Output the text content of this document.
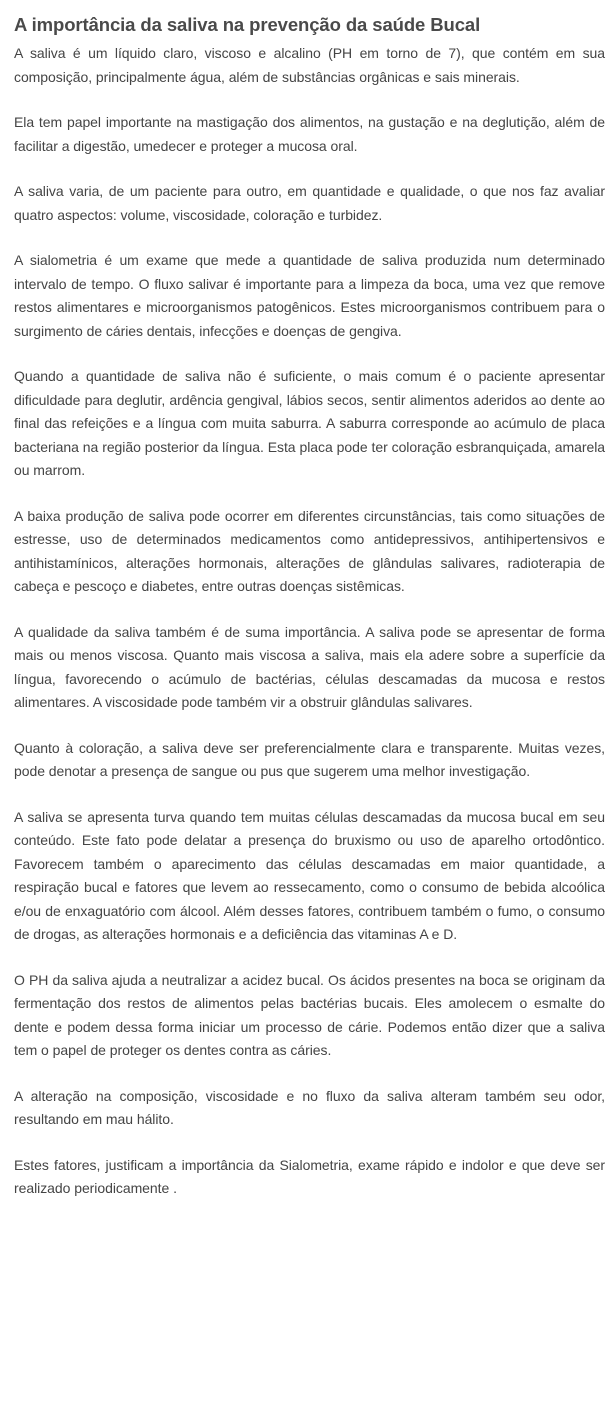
A importância da saliva na prevenção da saúde Bucal

A saliva é um líquido claro, viscoso e alcalino (PH em torno de 7), que contém em sua composição, principalmente água, além de substâncias orgânicas e sais minerais.

Ela tem papel importante na mastigação dos alimentos, na gustação e na deglutição, além de facilitar a digestão, umedecer e proteger a mucosa oral.

A saliva varia, de um paciente para outro, em quantidade e qualidade, o que nos faz avaliar quatro aspectos: volume, viscosidade, coloração e turbidez.

A sialometria é um exame que mede a quantidade de saliva produzida num determinado intervalo de tempo. O fluxo salivar é importante para a limpeza da boca, uma vez que remove restos alimentares e microorganismos patogênicos. Estes microorganismos contribuem para o surgimento de cáries dentais, infecções e doenças de gengiva.

Quando a quantidade de saliva não é suficiente, o mais comum é o paciente apresentar dificuldade para deglutir, ardência gengival, lábios secos, sentir alimentos aderidos ao dente ao final das refeições e a língua com muita saburra. A saburra corresponde ao acúmulo de placa bacteriana na região posterior da língua. Esta placa pode ter coloração esbranquiçada, amarela ou marrom.

A baixa produção de saliva pode ocorrer em diferentes circunstâncias, tais como situações de estresse, uso de determinados medicamentos como antidepressivos, antihipertensivos e antihistamínicos, alterações hormonais, alterações de glândulas salivares, radioterapia de cabeça e pescoço e diabetes, entre outras doenças sistêmicas.

A qualidade da saliva também é de suma importância. A saliva pode se apresentar de forma mais ou menos viscosa. Quanto mais viscosa a saliva, mais ela adere sobre a superfície da língua, favorecendo o acúmulo de bactérias, células descamadas da mucosa e restos alimentares. A viscosidade pode também vir a obstruir glândulas salivares.

Quanto à coloração, a saliva deve ser preferencialmente clara e transparente. Muitas vezes, pode denotar a presença de sangue ou pus que sugerem uma melhor investigação.

A saliva se apresenta turva quando tem muitas células descamadas da mucosa bucal em seu conteúdo. Este fato pode delatar a presença do bruxismo ou uso de aparelho ortodôntico. Favorecem também o aparecimento das células descamadas em maior quantidade, a respiração bucal e fatores que levem ao ressecamento, como o consumo de bebida alcoólica e/ou de enxaguatório com álcool. Além desses fatores, contribuem também o fumo, o consumo de drogas, as alterações hormonais e a deficiência das vitaminas A e D.

O PH da saliva ajuda a neutralizar a acidez bucal. Os ácidos presentes na boca se originam da fermentação dos restos de alimentos pelas bactérias bucais. Eles amolecem o esmalte do dente e podem dessa forma iniciar um processo de cárie. Podemos então dizer que a saliva tem o papel de proteger os dentes contra as cáries.

A alteração na composição, viscosidade e no fluxo da saliva alteram também seu odor, resultando em mau hálito.

Estes fatores, justificam a importância da Sialometria, exame rápido e indolor e que deve ser realizado periodicamente .
